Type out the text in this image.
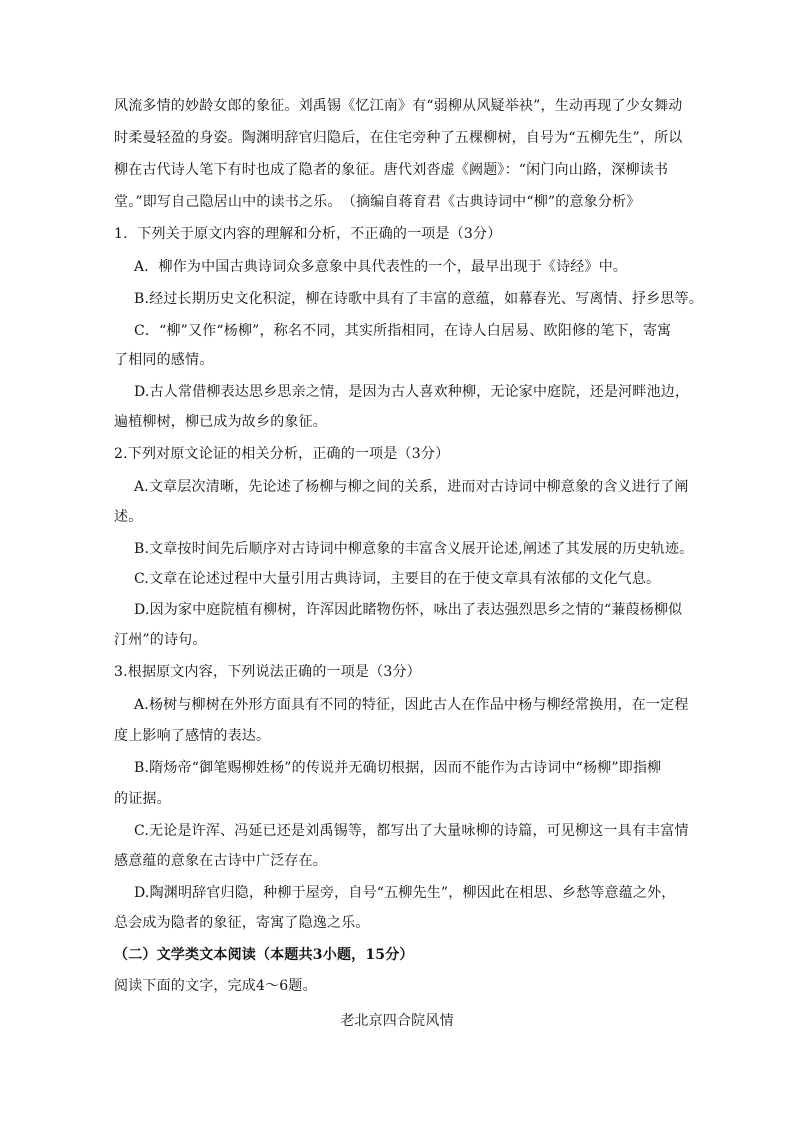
风流多情的妙龄女郎的象征。刘禹锡《忆江南》有“弱柳从风疑举袂”，生动再现了少女舞动
时柔曼轻盈的身姿。陶渊明辞官归隐后，在住宅旁种了五棵柳树，自号为“五柳先生”，所以
柳在古代诗人笔下有时也成了隐者的象征。唐代刘沓虚《阙题》：“闲门向山路，深柳读书
堂。”即写自己隐居山中的读书之乐。　（摘编自蒋育君《古典诗词中“柳”的意象分析》
1．下列关于原文内容的理解和分析，不正确的一项是（3分）
A．柳作为中国古典诗词众多意象中具代表性的一个，最早出现于《诗经》中。
B.经过长期历史文化积淀，柳在诗歌中具有了丰富的意蕴，如幕春光、写离情、抒乡思等。
C．“柳”又作“杨柳”，称名不同，其实所指相同，在诗人白居易、欧阳修的笔下，寄寓
了相同的感情。
D.古人常借柳表达思乡思亲之情，是因为古人喜欢种柳，无论家中庭院，还是河畔池边，
遍植柳树，柳已成为故乡的象征。
2.下列对原文论证的相关分析，正确的一项是（3分）
A.文章层次清晰，先论述了杨柳与柳之间的关系，进而对古诗词中柳意象的含义进行了阐
述。
B.文章按时间先后顺序对古诗词中柳意象的丰富含义展开论述,阐述了其发展的历史轨迹。
C.文章在论述过程中大量引用古典诗词，主要目的在于使文章具有浓郁的文化气息。
D.因为家中庭院植有柳树，许浑因此睹物伤怀，咏出了表达强烈思乡之情的“蒹葭杨柳似
汀州”的诗句。
3.根据原文内容，下列说法正确的一项是（3分）
A.杨树与柳树在外形方面具有不同的特征，因此古人在作品中杨与柳经常换用，在一定程
度上影响了感情的表达。
B.隋炀帝“御笔赐柳姓杨”的传说并无确切根据，因而不能作为古诗词中“杨柳”即指柳
的证据。
C.无论是许浑、冯延已还是刘禹锡等，都写出了大量咏柳的诗篇，可见柳这一具有丰富情
感意蕴的意象在古诗中广泛存在。
D.陶渊明辞官归隐，种柳于屋旁，自号“五柳先生”，柳因此在相思、乡愁等意蕴之外，
总会成为隐者的象征，寄寓了隐逸之乐。
（二）文学类文本阅读（本题共3小题，15分）
阅读下面的文字，完成4～6题。
老北京四合院风情
